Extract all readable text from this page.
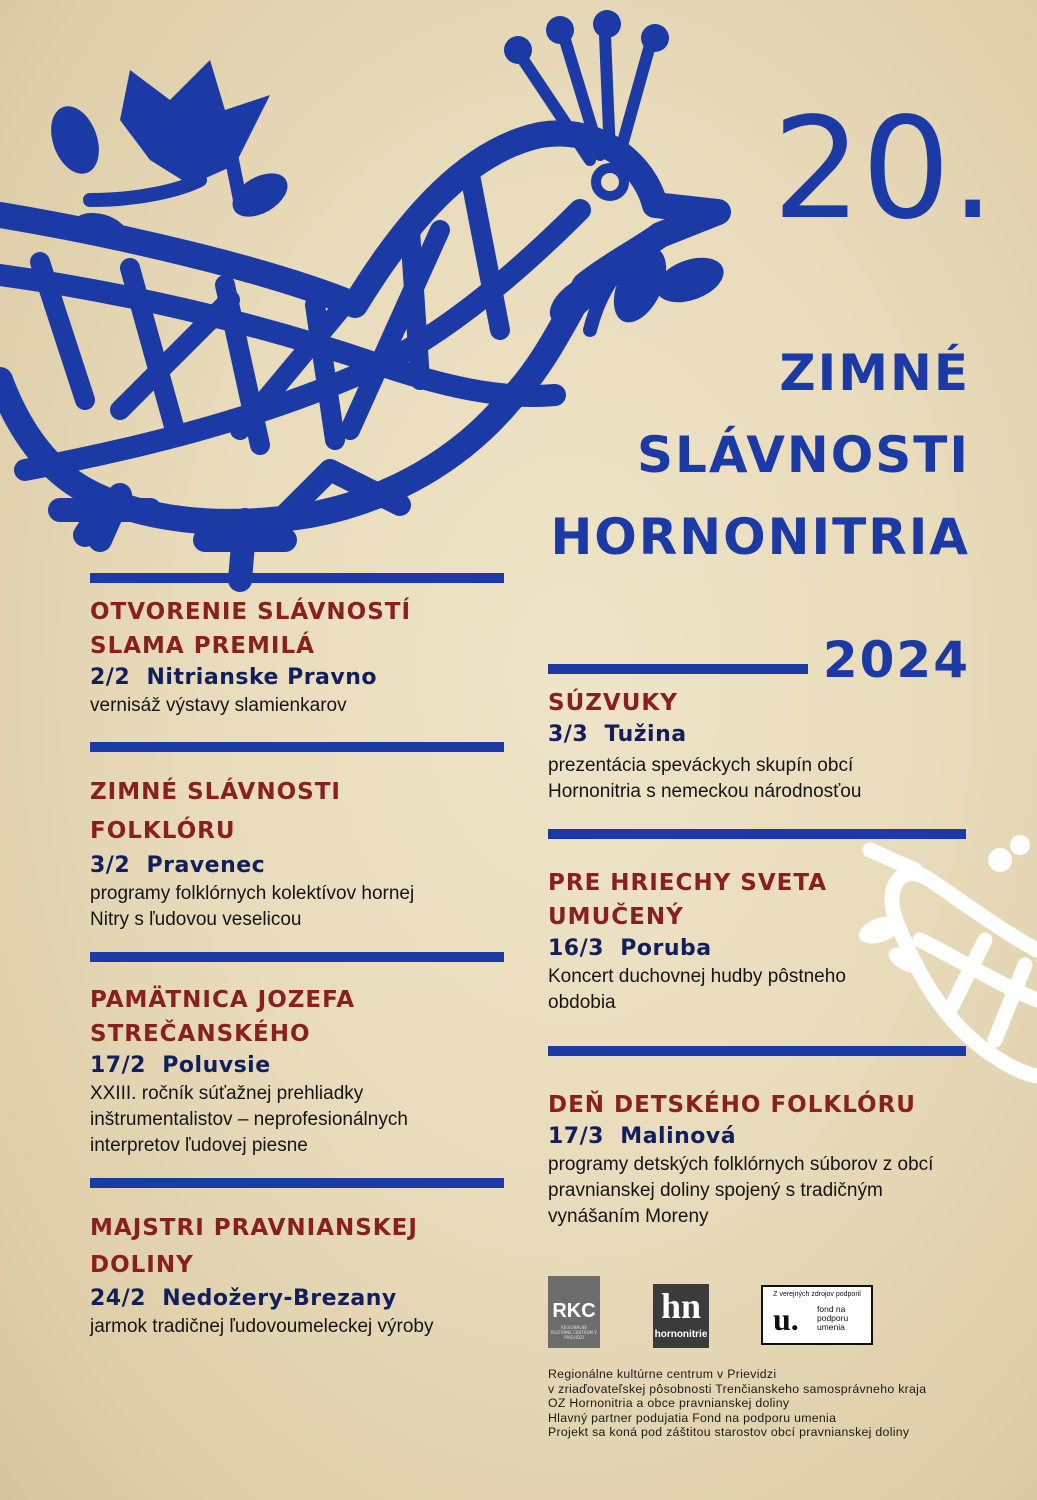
20.
ZIMNÉ
SLÁVNOSTI
HORNONITRIA
2024
OTVORENIE SLÁVNOSTÍ SLAMA PREMILÁ
2/2 Nitrianske Pravno
vernisáž výstavy slamienkarov
ZIMNÉ SLÁVNOSTI FOLKLÓRU
3/2 Pravenec
programy folklórnych kolektívov hornej Nitry s ľudovou veselicou
PAMÄTNICA JOZEFA STREČANSKÉHO
17/2 Poluvsie
XXIII. ročník súťažnej prehliadky inštrumentalistov – neprofesionálnych interpretov ľudovej piesne
MAJSTRI PRAVNIANSKEJ DOLINY
24/2 Nedožery-Brezany
jarmok tradičnej ľudovoumeleckej výroby
SÚZVUKY
3/3 Tužina
prezentácia speváckych skupín obcí Hornonitria s nemeckou národnosťou
PRE HRIECHY SVETA UMUČENÝ
16/3 Poruba
Koncert duchovnej hudby pôstneho obdobia
DEŇ DETSKÉHO FOLKLÓRU
17/3 Malinová
programy detských folklórnych súborov z obcí pravnianskej doliny spojený s tradičným vynášaním Moreny
RKC
REGIONÁLNE KULTÚRNE CENTRUM V PRIEVIDZI
hn
hornonitrie
Z verejných zdrojov podporil
u. fond na podporu umenia
Regionálne kultúrne centrum v Prievidzi
v zriaďovateľskej pôsobnosti Trenčianskeho samosprávneho kraja
OZ Hornonitria a obce pravnianskej doliny
Hlavný partner podujatia Fond na podporu umenia
Projekt sa koná pod záštitou starostov obcí pravnianskej doliny
